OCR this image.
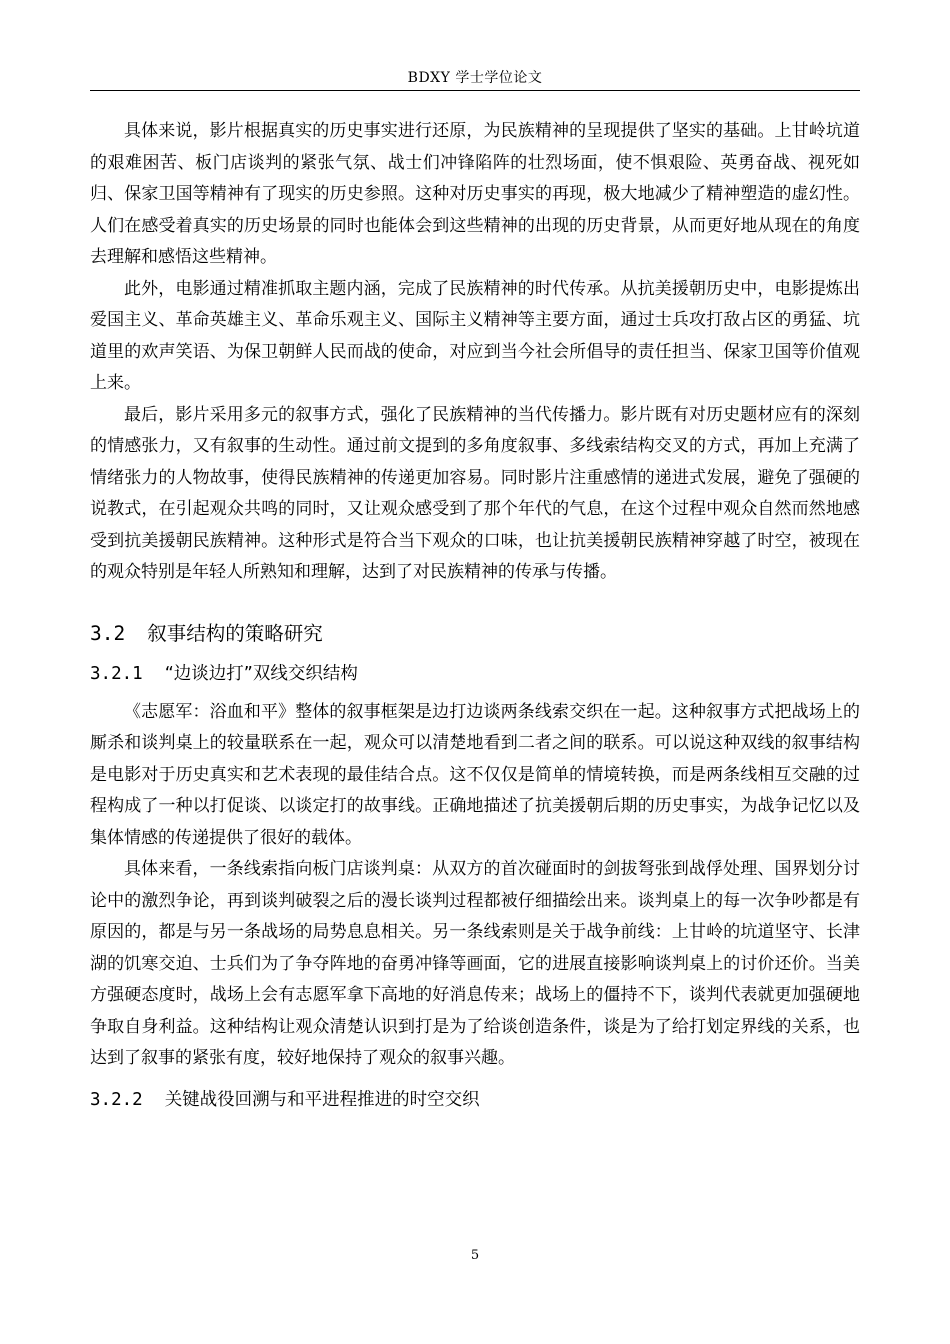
BDXY 学士学位论文

具体来说，影片根据真实的历史事实进行还原，为民族精神的呈现提供了坚实的基础。上甘岭坑道的艰难困苦、板门店谈判的紧张气氛、战士们冲锋陷阵的壮烈场面，使不惧艰险、英勇奋战、视死如归、保家卫国等精神有了现实的历史参照。这种对历史事实的再现，极大地减少了精神塑造的虚幻性。人们在感受着真实的历史场景的同时也能体会到这些精神的出现的历史背景，从而更好地从现在的角度去理解和感悟这些精神。

此外，电影通过精准抓取主题内涵，完成了民族精神的时代传承。从抗美援朝历史中，电影提炼出爱国主义、革命英雄主义、革命乐观主义、国际主义精神等主要方面，通过士兵攻打敌占区的勇猛、坑道里的欢声笑语、为保卫朝鲜人民而战的使命，对应到当今社会所倡导的责任担当、保家卫国等价值观上来。

最后，影片采用多元的叙事方式，强化了民族精神的当代传播力。影片既有对历史题材应有的深刻的情感张力，又有叙事的生动性。通过前文提到的多角度叙事、多线索结构交叉的方式，再加上充满了情绪张力的人物故事，使得民族精神的传递更加容易。同时影片注重感情的递进式发展，避免了强硬的说教式，在引起观众共鸣的同时，又让观众感受到了那个年代的气息，在这个过程中观众自然而然地感受到抗美援朝民族精神。这种形式是符合当下观众的口味，也让抗美援朝民族精神穿越了时空，被现在的观众特别是年轻人所熟知和理解，达到了对民族精神的传承与传播。

3.2 叙事结构的策略研究
3.2.1 “边谈边打”双线交织结构

《志愿军：浴血和平》整体的叙事框架是边打边谈两条线索交织在一起。这种叙事方式把战场上的厮杀和谈判桌上的较量联系在一起，观众可以清楚地看到二者之间的联系。可以说这种双线的叙事结构是电影对于历史真实和艺术表现的最佳结合点。这不仅仅是简单的情境转换，而是两条线相互交融的过程构成了一种以打促谈、以谈定打的故事线。正确地描述了抗美援朝后期的历史事实，为战争记忆以及集体情感的传递提供了很好的载体。

具体来看，一条线索指向板门店谈判桌：从双方的首次碰面时的剑拔弩张到战俘处理、国界划分讨论中的激烈争论，再到谈判破裂之后的漫长谈判过程都被仔细描绘出来。谈判桌上的每一次争吵都是有原因的，都是与另一条战场的局势息息相关。另一条线索则是关于战争前线：上甘岭的坑道坚守、长津湖的饥寒交迫、士兵们为了争夺阵地的奋勇冲锋等画面，它的进展直接影响谈判桌上的讨价还价。当美方强硬态度时，战场上会有志愿军拿下高地的好消息传来；战场上的僵持不下，谈判代表就更加强硬地争取自身利益。这种结构让观众清楚认识到打是为了给谈创造条件，谈是为了给打划定界线的关系，也达到了叙事的紧张有度，较好地保持了观众的叙事兴趣。

3.2.2 关键战役回溯与和平进程推进的时空交织
5
